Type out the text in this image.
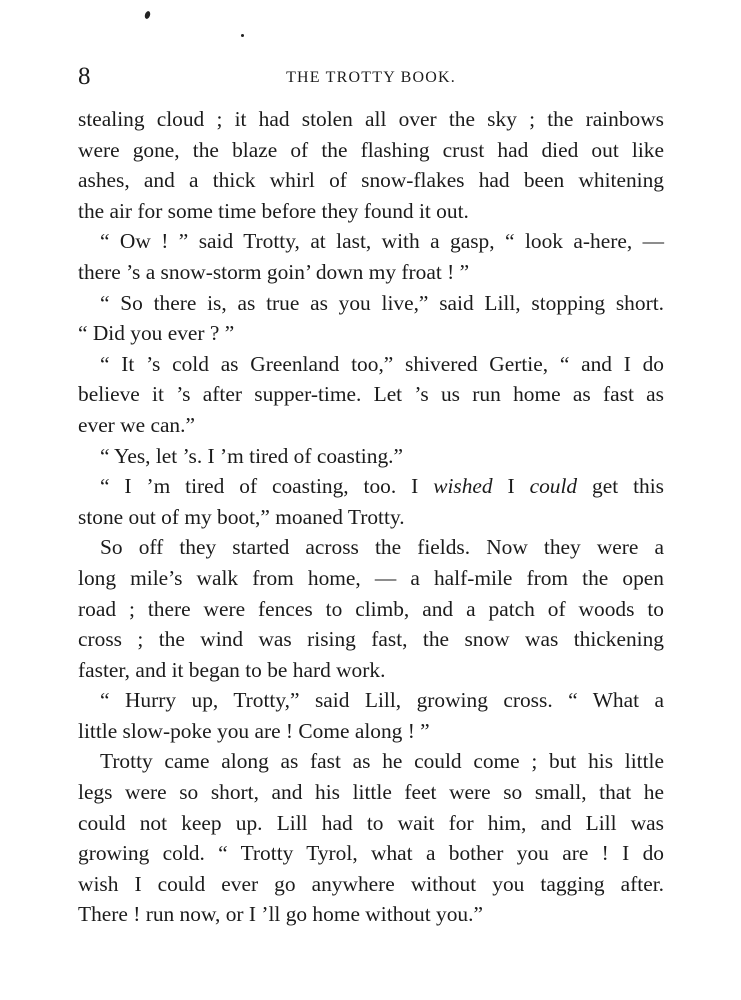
8	THE TROTTY BOOK.
stealing cloud ; it had stolen all over the sky ; the rainbows
were gone, the blaze of the flashing crust had died out like
ashes, and a thick whirl of snow-flakes had been whitening
the air for some time before they found it out.
“ Ow ! ” said Trotty, at last, with a gasp, “ look a-here, —
there ’s a snow-storm goin’ down my froat ! ”
“ So there is, as true as you live,” said Lill, stopping short.
“ Did you ever ? ”
“ It ’s cold as Greenland too,” shivered Gertie, “ and I do
believe it ’s after supper-time. Let ’s us run home as fast as
ever we can.”
“ Yes, let ’s. I ’m tired of coasting.”
“ I ’m tired of coasting, too. I wished I could get this
stone out of my boot,” moaned Trotty.
So off they started across the fields. Now they were a
long mile’s walk from home, — a half-mile from the open
road ; there were fences to climb, and a patch of woods to
cross ; the wind was rising fast, the snow was thickening
faster, and it began to be hard work.
“ Hurry up, Trotty,” said Lill, growing cross. “ What a
little slow-poke you are ! Come along ! ”
Trotty came along as fast as he could come ; but his little
legs were so short, and his little feet were so small, that he
could not keep up. Lill had to wait for him, and Lill was
growing cold. “ Trotty Tyrol, what a bother you are ! I do
wish I could ever go anywhere without you tagging after.
There ! run now, or I ’ll go home without you.”
